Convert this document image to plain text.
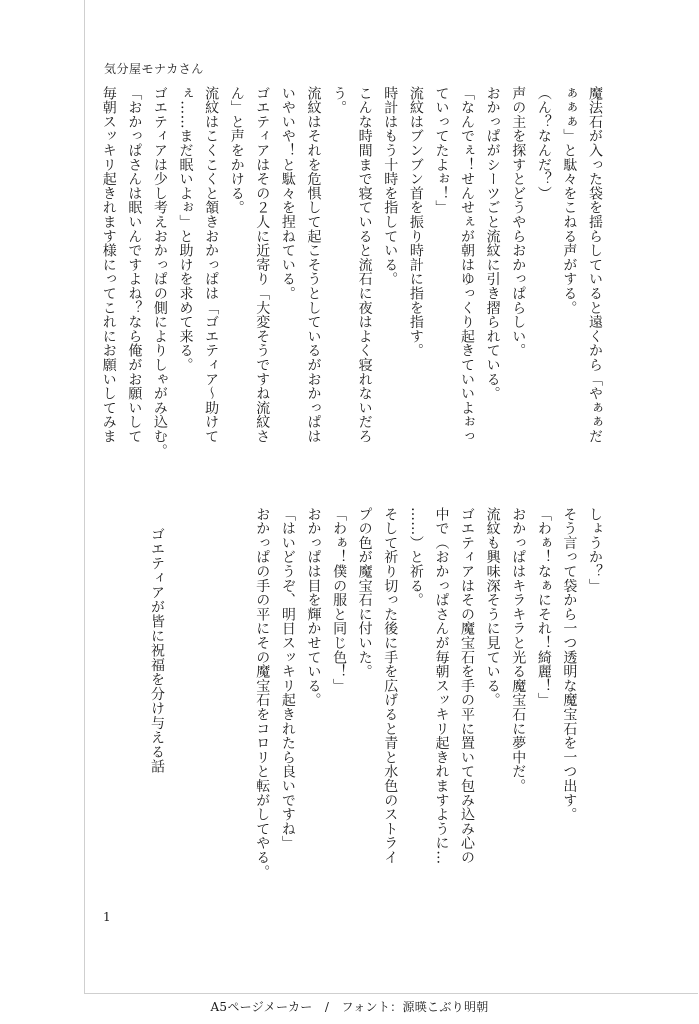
気分屋モナカさん

魔法石が入った袋を揺らしていると遠くから「やぁぁだ

ぁぁぁ」と駄々をこねる声がする。

（ん？なんだ？）

声の主を探すとどうやらおかっぱらしい。

おかっぱがシーツごと流紋に引き摺られている。

「なんでぇ！せんせぇが朝はゆっくり起きていいよぉっ

ていってたよぉ！」

流紋はブンブン首を振り時計に指を指す。

時計はもう十時を指している。

こんな時間まで寝ていると流石に夜はよく寝れないだろ

う。

流紋はそれを危惧して起こそうとしているがおかっぱは

いやいや！と駄々を捏ねている。

ゴエティアはその２人に近寄り「大変そうですね流紋さ

ん」と声をかける。

流紋はこくこくと頷きおかっぱは「ゴエティア〜助けて

ぇ……まだ眠いよぉ」と助けを求めて来る。

ゴエティアは少し考えおかっぱの側によりしゃがみ込む。

「おかっぱさんは眠いんですよね？なら俺がお願いして

毎朝スッキリ起きれます様にってこれにお願いしてみま

しょうか？」

そう言って袋から一つ透明な魔宝石を一つ出す。

「わぁ！なぁにそれ！綺麗！」

おかっぱはキラキラと光る魔宝石に夢中だ。

流紋も興味深そうに見ている。

ゴエティアはその魔宝石を手の平に置いて包み込み心の

中で（おかっぱさんが毎朝スッキリ起きれますように…

……）と祈る。

そして祈り切った後に手を広げると青と水色のストライ

プの色が魔宝石に付いた。

「わぁ！僕の服と同じ色！」

おかっぱは目を輝かせている。

「はいどうぞ、明日スッキリ起きれたら良いですね」

おかっぱの手の平にその魔宝石をコロリと転がしてやる。

ゴエティアが皆に祝福を分け与える話
1
A5ページメーカー　/　フォント：源暎こぶり明朝
